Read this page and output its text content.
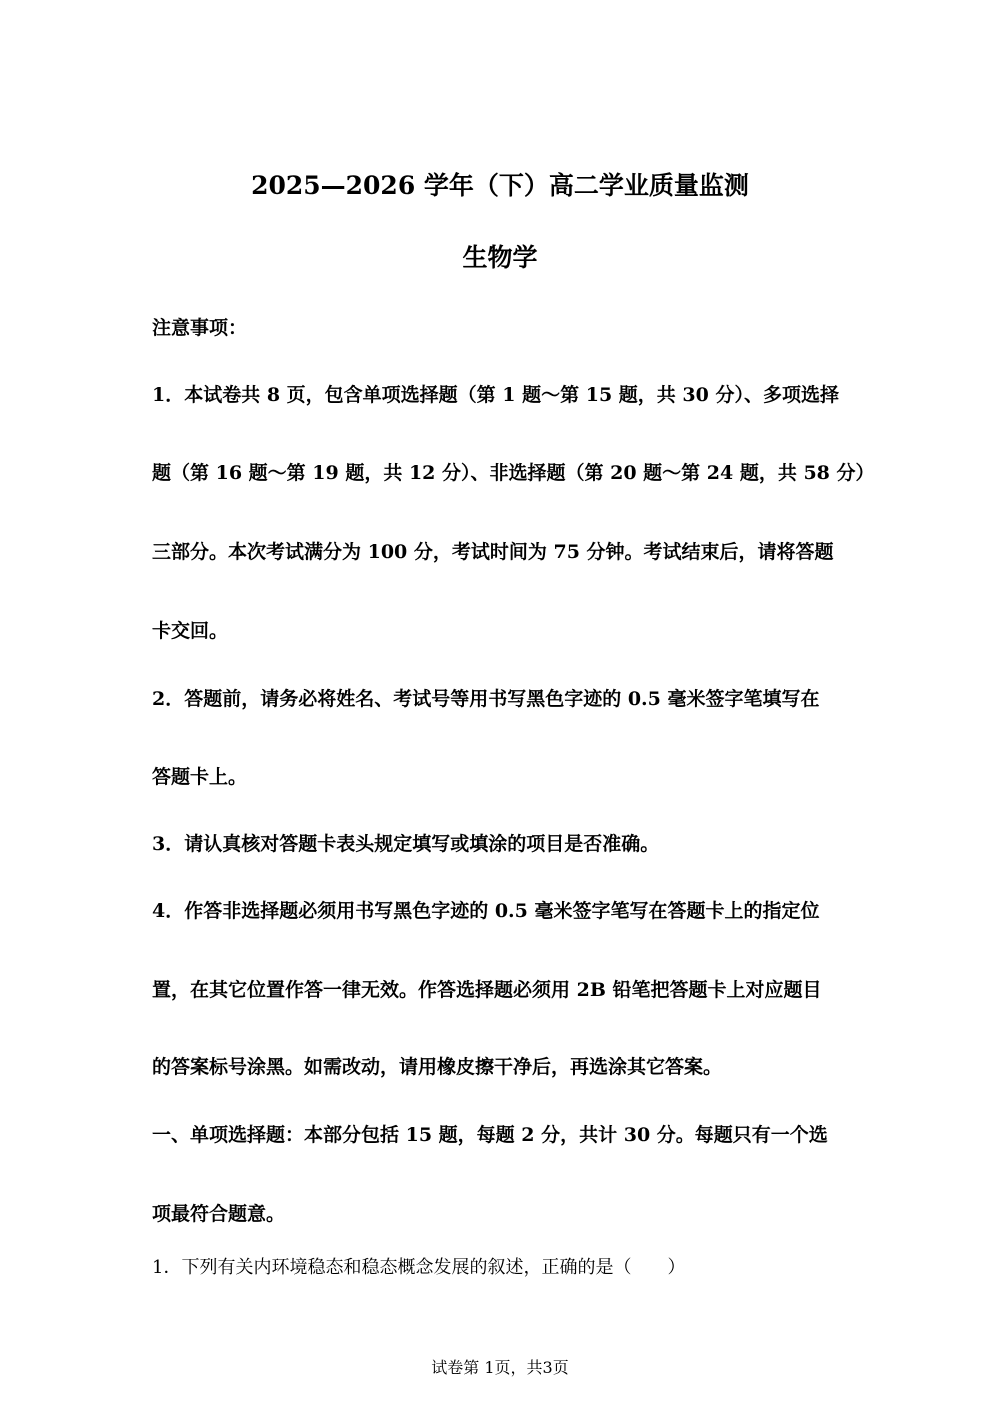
2025—2026 学年（下）高二学业质量监测
生物学
注意事项：
1．本试卷共 8 页，包含单项选择题（第 1 题～第 15 题，共 30 分）、多项选择
题（第 16 题～第 19 题，共 12 分）、非选择题（第 20 题～第 24 题，共 58 分）
三部分。本次考试满分为 100 分，考试时间为 75 分钟。考试结束后，请将答题
卡交回。
2．答题前，请务必将姓名、考试号等用书写黑色字迹的 0.5 毫米签字笔填写在
答题卡上。
3．请认真核对答题卡表头规定填写或填涂的项目是否准确。
4．作答非选择题必须用书写黑色字迹的 0.5 毫米签字笔写在答题卡上的指定位
置，在其它位置作答一律无效。作答选择题必须用 2B 铅笔把答题卡上对应题目
的答案标号涂黑。如需改动，请用橡皮擦干净后，再选涂其它答案。
一、单项选择题：本部分包括 15 题，每题 2 分，共计 30 分。每题只有一个选
项最符合题意。
1．下列有关内环境稳态和稳态概念发展的叙述，正确的是（　　）
试卷第 1页，共3页
